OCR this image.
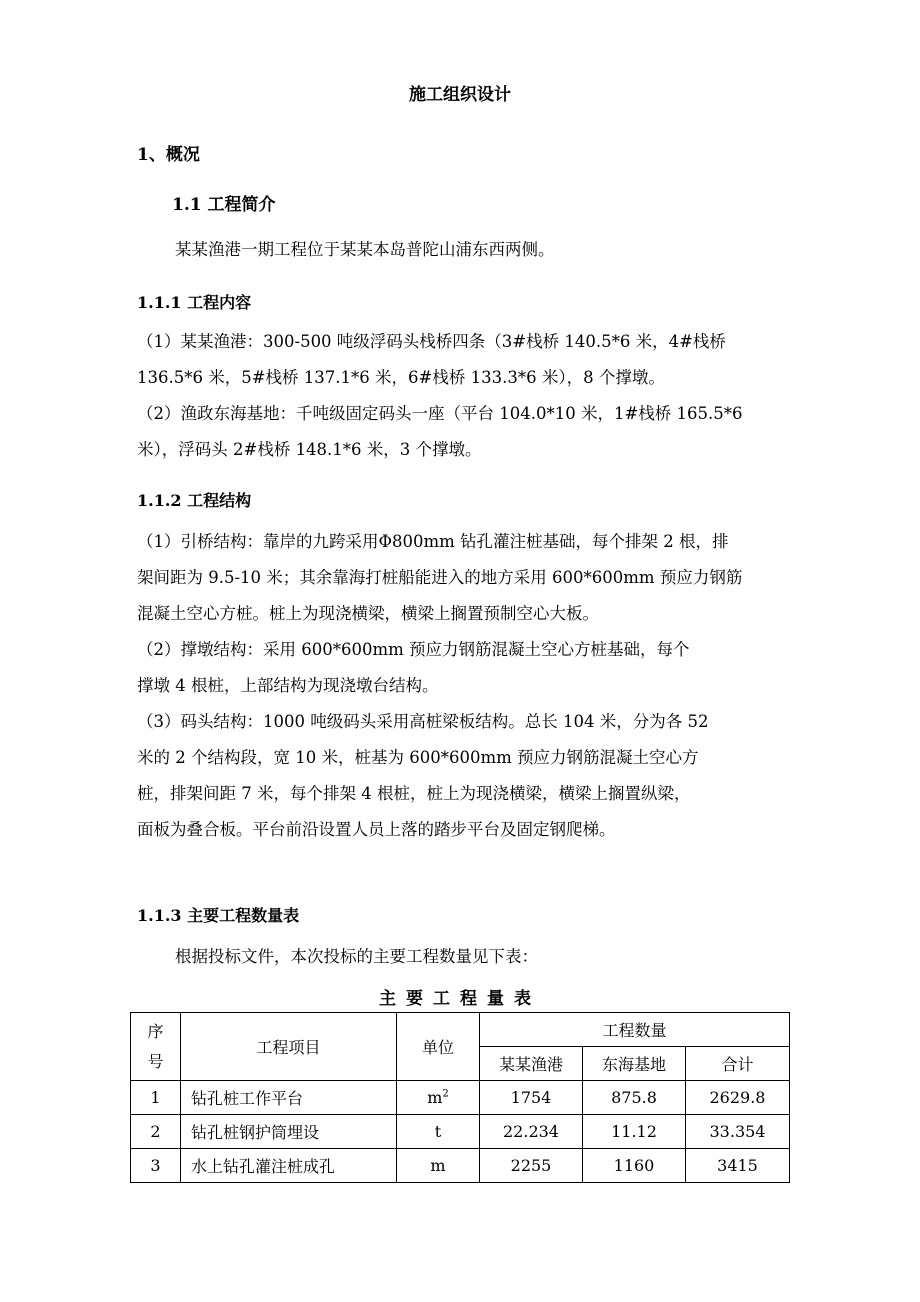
施工组织设计
1、概况
1.1 工程简介
某某渔港一期工程位于某某本岛普陀山浦东西两侧。
1.1.1 工程内容
（1）某某渔港：300-500 吨级浮码头栈桥四条（3#栈桥 140.5*6 米，4#栈桥
136.5*6 米，5#栈桥 137.1*6 米，6#栈桥 133.3*6 米），8 个撑墩。
（2）渔政东海基地：千吨级固定码头一座（平台 104.0*10 米，1#栈桥 165.5*6
米），浮码头 2#栈桥 148.1*6 米，3 个撑墩。
1.1.2 工程结构
（1）引桥结构：靠岸的九跨采用Φ800mm 钻孔灌注桩基础，每个排架 2 根，排
架间距为 9.5-10 米；其余靠海打桩船能进入的地方采用 600*600mm 预应力钢筋
混凝土空心方桩。桩上为现浇横梁，横梁上搁置预制空心大板。
（2）撑墩结构：采用 600*600mm 预应力钢筋混凝土空心方桩基础，每个
撑墩 4 根桩，上部结构为现浇墩台结构。
（3）码头结构：1000 吨级码头采用高桩梁板结构。总长 104 米，分为各 52
米的 2 个结构段，宽 10 米，桩基为 600*600mm 预应力钢筋混凝土空心方
桩，排架间距 7 米，每个排架 4 根桩，桩上为现浇横梁，横梁上搁置纵梁，
面板为叠合板。平台前沿设置人员上落的踏步平台及固定钢爬梯。
1.1.3 主要工程数量表
根据投标文件，本次投标的主要工程数量见下表：
主要工程量表
序
号	工程项目	单位	工程数量		
			某某渔港	东海基地	合计
1	钻孔桩工作平台	$m^2$	1754	875.8	2629.8
2	钻孔桩钢护筒埋设	t	22.234	11.12	33.354
3	水上钻孔灌注桩成孔	m	2255	1160	3415
